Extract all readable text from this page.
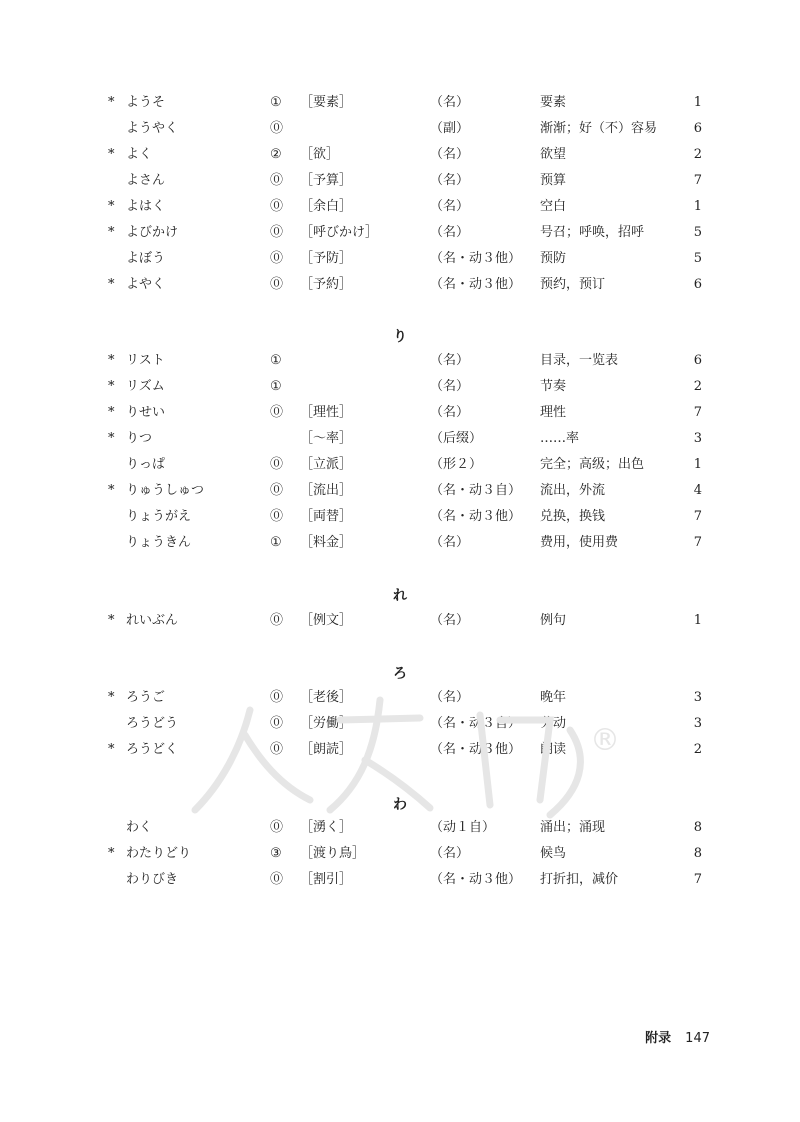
* ようそ	① ［要素］	（名）	要素	1
ようやく	⓪	（副）	渐渐；好（不）容易	6
* よく	② ［欲］	（名）	欲望	2
よさん	⓪ ［予算］	（名）	预算	7
* よはく	⓪ ［余白］	（名）	空白	1
* よびかけ	⓪ ［呼びかけ］	（名）	号召；呼唤，招呼	5
よぼう	⓪ ［予防］	（名・动３他） 预防	5
* よやく	⓪ ［予約］	（名・动３他） 预约，预订	6
り
* リスト	①	（名）	目录，一览表	6
* リズム	①	（名）	节奏	2
* りせい	⓪ ［理性］	（名）	理性	7
* りつ	［～率］	（后缀）	……率	3
りっぱ	⓪ ［立派］	（形２）	完全；高级；出色	1
* りゅうしゅつ	⓪ ［流出］	（名・动３自） 流出，外流	4
りょうがえ	⓪ ［両替］	（名・动３他） 兑换，换钱	7
りょうきん	① ［料金］	（名）	费用，使用费	7
れ
* れいぶん	⓪ ［例文］	（名）	例句	1
ろ
* ろうご	⓪ ［老後］	（名）	晚年	3
ろうどう	⓪ ［労働］	（名・动３自） 劳动	3
* ろうどく	⓪ ［朗読］	（名・动３他） 朗读	2
わ
わく	⓪ ［湧く］	（动１自）	涌出；涌现	8
* わたりどり	③ ［渡り鳥］	（名）	候鸟	8
わりびき	⓪ ［割引］	（名・动３他） 打折扣，减价	7
®
附录 147
